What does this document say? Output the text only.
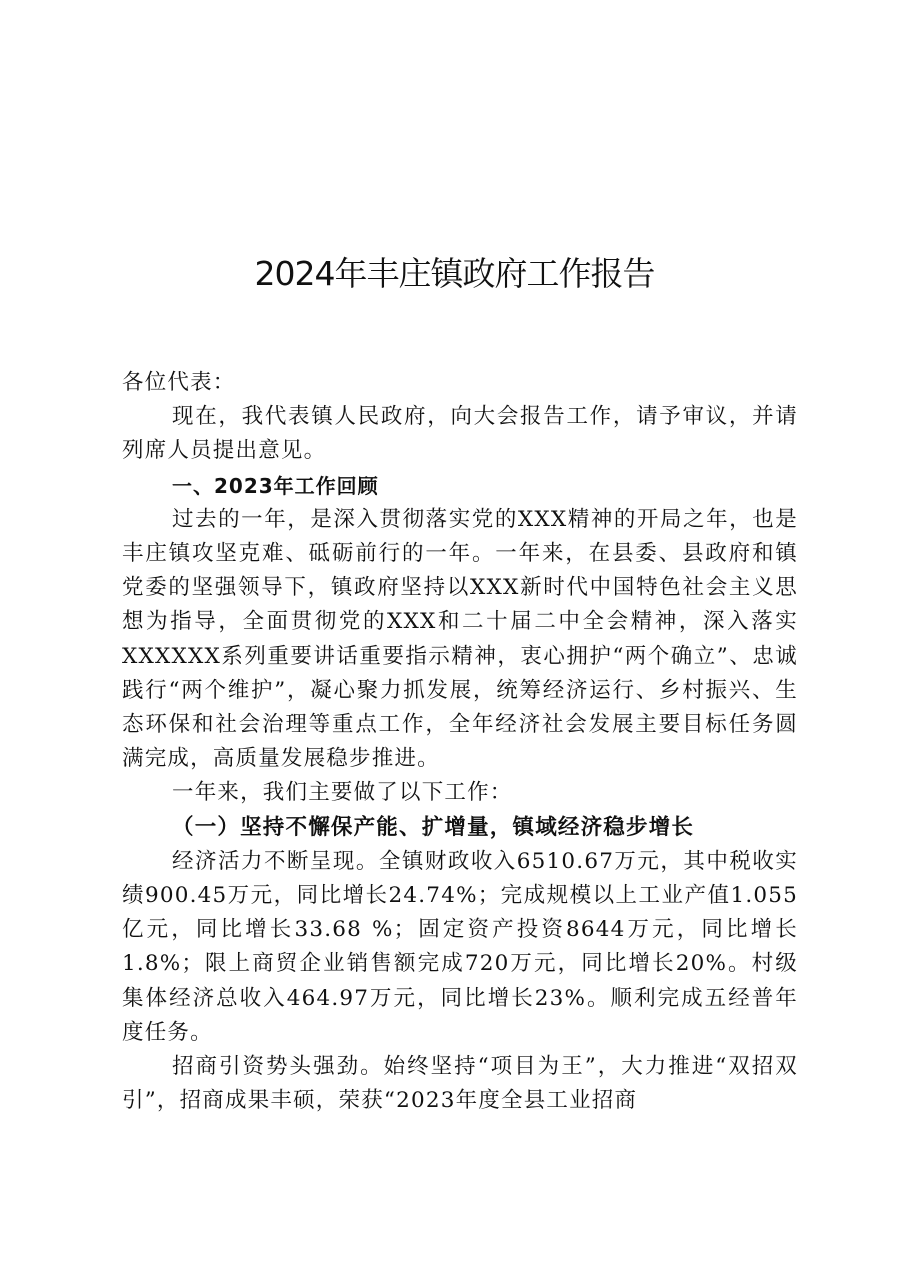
2024年丰庄镇政府工作报告

各位代表：

现在，我代表镇人民政府，向大会报告工作，请予审议，并请列席人员提出意见。

一、2023年工作回顾

过去的一年，是深入贯彻落实党的XXX精神的开局之年，也是丰庄镇攻坚克难、砥砺前行的一年。一年来，在县委、县政府和镇党委的坚强领导下，镇政府坚持以XXX新时代中国特色社会主义思想为指导，全面贯彻党的XXX和二十届二中全会精神，深入落实XXXXXX系列重要讲话重要指示精神，衷心拥护“两个确立”、忠诚践行“两个维护”，凝心聚力抓发展，统筹经济运行、乡村振兴、生态环保和社会治理等重点工作，全年经济社会发展主要目标任务圆满完成，高质量发展稳步推进。

一年来，我们主要做了以下工作：

（一）坚持不懈保产能、扩增量，镇域经济稳步增长

经济活力不断呈现。全镇财政收入6510.67万元，其中税收实绩900.45万元，同比增长24.74%；完成规模以上工业产值1.055亿元，同比增长33.68 %；固定资产投资8644万元，同比增长1.8%；限上商贸企业销售额完成720万元，同比增长20%。村级集体经济总收入464.97万元，同比增长23%。顺利完成五经普年度任务。

招商引资势头强劲。始终坚持“项目为王”，大力推进“双招双引”，招商成果丰硕，荣获“2023年度全县工业招商
